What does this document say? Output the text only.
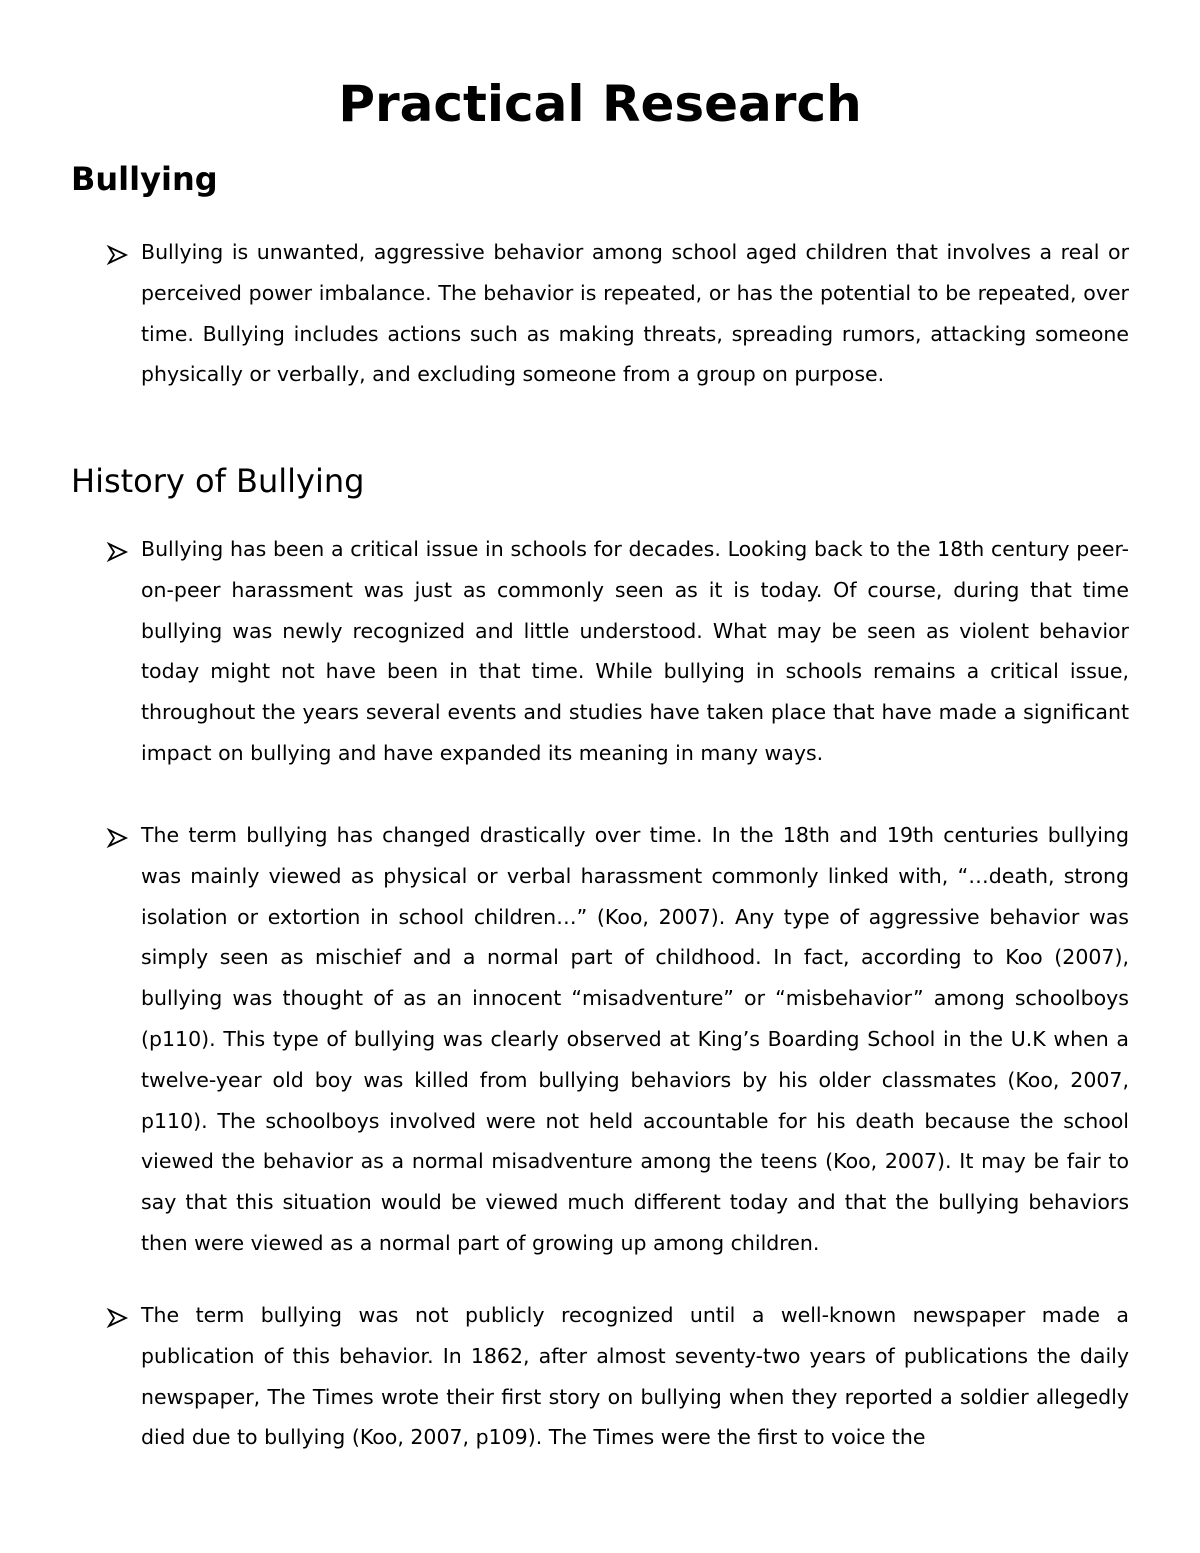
Practical Research
Bullying

Bullying is unwanted, aggressive behavior among school aged children that involves a real or perceived power imbalance. The behavior is repeated, or has the potential to be repeated, over time. Bullying includes actions such as making threats, spreading rumors, attacking someone physically or verbally, and excluding someone from a group on purpose.

History of Bullying

Bullying has been a critical issue in schools for decades. Looking back to the 18th century peer-on-peer harassment was just as commonly seen as it is today. Of course, during that time bullying was newly recognized and little understood. What may be seen as violent behavior today might not have been in that time. While bullying in schools remains a critical issue, throughout the years several events and studies have taken place that have made a significant impact on bullying and have expanded its meaning in many ways.

The term bullying has changed drastically over time. In the 18th and 19th centuries bullying was mainly viewed as physical or verbal harassment commonly linked with, “…death, strong isolation or extortion in school children…” (Koo, 2007). Any type of aggressive behavior was simply seen as mischief and a normal part of childhood. In fact, according to Koo (2007), bullying was thought of as an innocent “misadventure” or “misbehavior” among schoolboys (p110). This type of bullying was clearly observed at King’s Boarding School in the U.K when a twelve-year old boy was killed from bullying behaviors by his older classmates (Koo, 2007, p110). The schoolboys involved were not held accountable for his death because the school viewed the behavior as a normal misadventure among the teens (Koo, 2007). It may be fair to say that this situation would be viewed much different today and that the bullying behaviors then were viewed as a normal part of growing up among children.

The term bullying was not publicly recognized until a well-known newspaper made a publication of this behavior. In 1862, after almost seventy-two years of publications the daily newspaper, The Times wrote their first story on bullying when they reported a soldier allegedly died due to bullying (Koo, 2007, p109). The Times were the first to voice the
